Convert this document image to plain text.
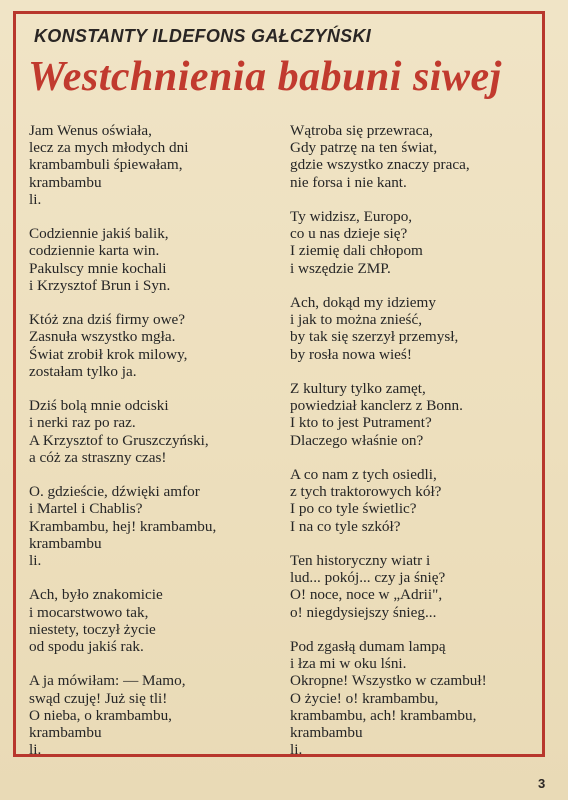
KONSTANTY ILDEFONS GAŁCZYŃSKI
Westchnienia babuni siwej
Jam Wenus oświała,
lecz za mych młodych dni
krambambuli śpiewałam,
krambambu
li.
Codziennie jakiś balik,
codziennie karta win.
Pakulscy mnie kochali
i Krzysztof Brun i Syn.
Któż zna dziś firmy owe?
Zasnuła wszystko mgła.
Świat zrobił krok milowy,
zostałam tylko ja.
Dziś bolą mnie odciski
i nerki raz po raz.
A Krzysztof to Gruszczyński,
a cóż za straszny czas!
O. gdzieście, dźwięki amfor
i Martel i Chablis?
Krambambu, hej! krambambu,
krambambu
li.
Ach, było znakomicie
i mocarstwowo tak,
niestety, toczył życie
od spodu jakiś rak.
A ja mówiłam: — Mamo,
swąd czuję! Już się tli!
O nieba, o krambambu,
krambambu
li.
Wątroba się przewraca,
Gdy patrzę na ten świat,
gdzie wszystko znaczy praca,
nie forsa i nie kant.
Ty widzisz, Europo,
co u nas dzieje się?
I ziemię dali chłopom
i wszędzie ZMP.
Ach, dokąd my idziemy
i jak to można znieść,
by tak się szerzył przemysł,
by rosła nowa wieś!
Z kultury tylko zamęt,
powiedział kanclerz z Bonn.
I kto to jest Putrament?
Dlaczego właśnie on?
A co nam z tych osiedli,
z tych traktorowych kół?
I po co tyle świetlic?
I na co tyle szkół?
Ten historyczny wiatr i
lud... pokój... czy ja śnię?
O! noce, noce w „Adrii",
o! niegdysiejszy śnieg...
Pod zgasłą dumam lampą
i łza mi w oku lśni.
Okropne! Wszystko w czambuł!
O życie! o! krambambu,
krambambu, ach! krambambu,
krambambu
li.
3
